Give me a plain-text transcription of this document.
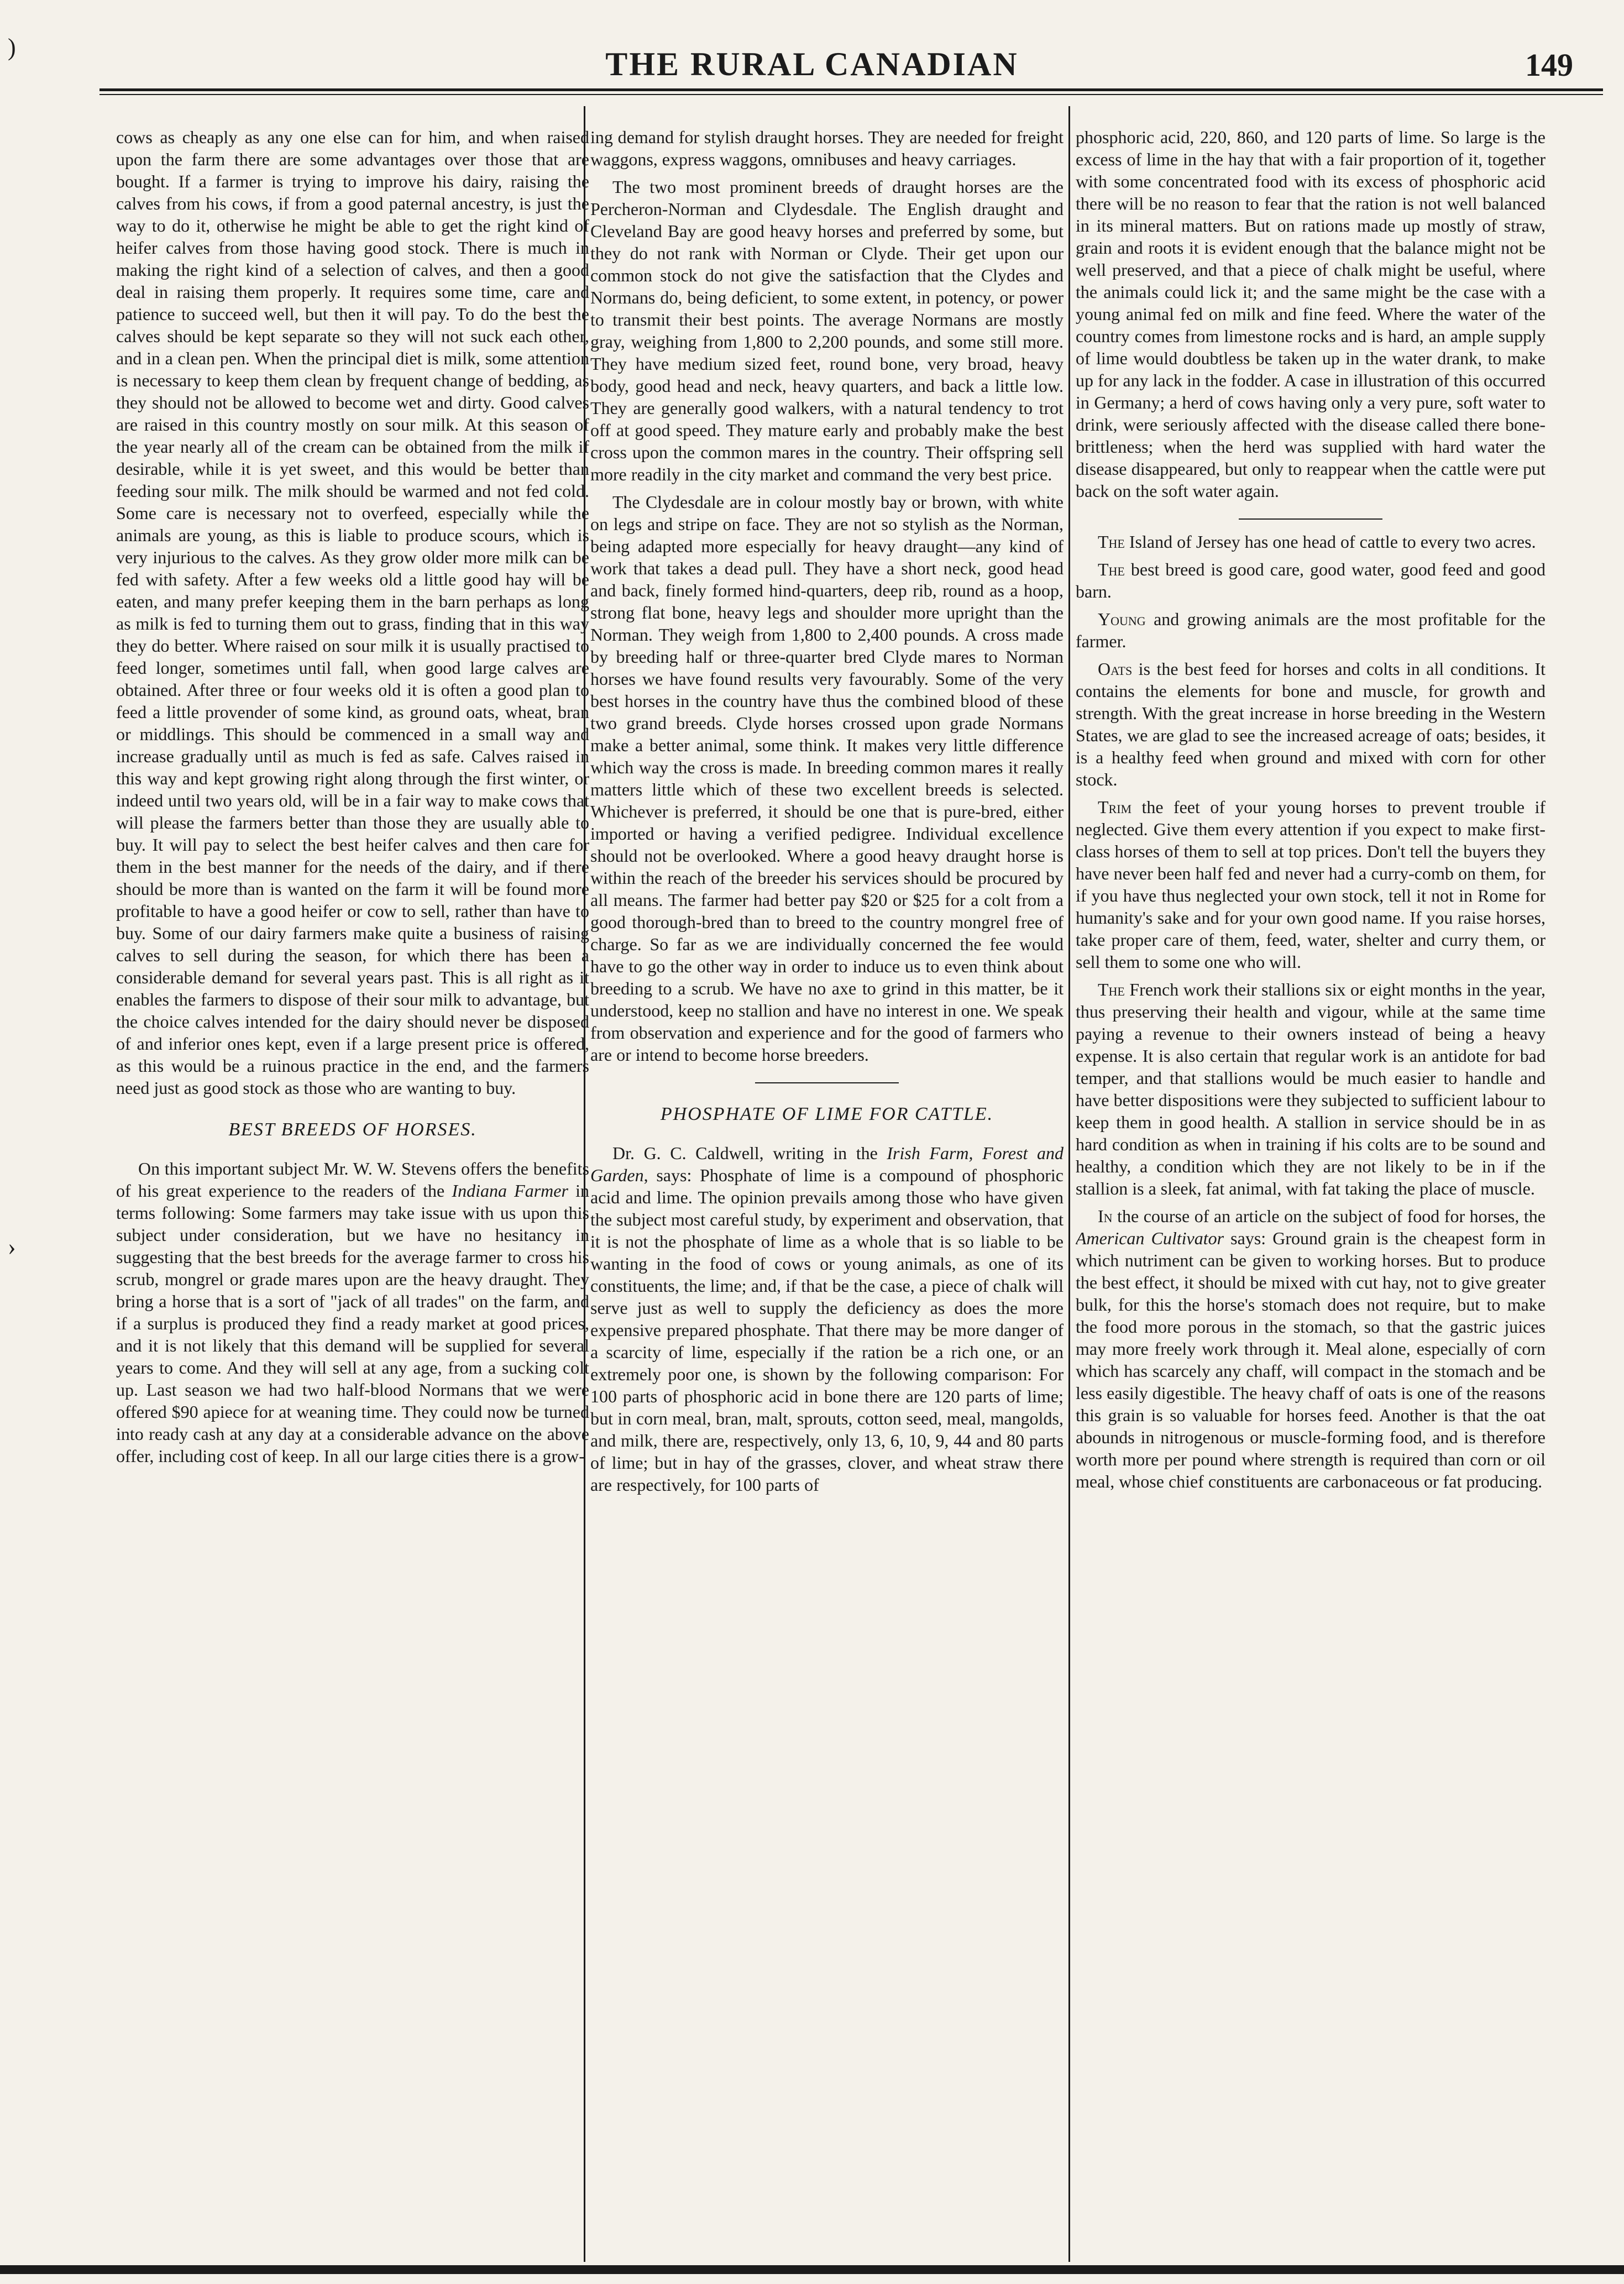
THE RURAL CANADIAN	149
)
›

cows as cheaply as any one else can for him, and when raised upon the farm there are some advantages over those that are bought. If a farmer is trying to improve his dairy, raising the calves from his cows, if from a good paternal ancestry, is just the way to do it, otherwise he might be able to get the right kind of heifer calves from those having good stock. There is much in making the right kind of a selection of calves, and then a good deal in raising them properly. It requires some time, care and patience to succeed well, but then it will pay. To do the best the calves should be kept separate so they will not suck each other, and in a clean pen. When the principal diet is milk, some attention is necessary to keep them clean by frequent change of bedding, as they should not be allowed to become wet and dirty. Good calves are raised in this country mostly on sour milk. At this season of the year nearly all of the cream can be obtained from the milk if desirable, while it is yet sweet, and this would be better than feeding sour milk. The milk should be warmed and not fed cold. Some care is necessary not to overfeed, especially while the animals are young, as this is liable to produce scours, which is very injurious to the calves. As they grow older more milk can be fed with safety. After a few weeks old a little good hay will be eaten, and many prefer keeping them in the barn perhaps as long as milk is fed to turning them out to grass, finding that in this way they do better. Where raised on sour milk it is usually practised to feed longer, sometimes until fall, when good large calves are obtained. After three or four weeks old it is often a good plan to feed a little provender of some kind, as ground oats, wheat, bran or middlings. This should be commenced in a small way and increase gradually until as much is fed as safe. Calves raised in this way and kept growing right along through the first winter, or indeed until two years old, will be in a fair way to make cows that will please the farmers better than those they are usually able to buy. It will pay to select the best heifer calves and then care for them in the best manner for the needs of the dairy, and if there should be more than is wanted on the farm it will be found more profitable to have a good heifer or cow to sell, rather than have to buy. Some of our dairy farmers make quite a business of raising calves to sell during the season, for which there has been a considerable demand for several years past. This is all right as it enables the farmers to dispose of their sour milk to advantage, but the choice calves intended for the dairy should never be disposed of and inferior ones kept, even if a large present price is offered, as this would be a ruinous practice in the end, and the farmers need just as good stock as those who are wanting to buy.

BEST BREEDS OF HORSES.

On this important subject Mr. W. W. Stevens offers the benefits of his great experience to the readers of the Indiana Farmer in terms following: Some farmers may take issue with us upon this subject under consideration, but we have no hesitancy in suggesting that the best breeds for the average farmer to cross his scrub, mongrel or grade mares upon are the heavy draught. They bring a horse that is a sort of "jack of all trades" on the farm, and if a surplus is produced they find a ready market at good prices, and it is not likely that this demand will be supplied for several years to come. And they will sell at any age, from a sucking colt up. Last season we had two half-blood Normans that we were offered $90 apiece for at weaning time. They could now be turned into ready cash at any day at a considerable advance on the above offer, including cost of keep. In all our large cities there is a grow-

ing demand for stylish draught horses. They are needed for freight waggons, express waggons, omnibuses and heavy carriages.

The two most prominent breeds of draught horses are the Percheron-Norman and Clydesdale. The English draught and Cleveland Bay are good heavy horses and preferred by some, but they do not rank with Norman or Clyde. Their get upon our common stock do not give the satisfaction that the Clydes and Normans do, being deficient, to some extent, in potency, or power to transmit their best points. The average Normans are mostly gray, weighing from 1,800 to 2,200 pounds, and some still more. They have medium sized feet, round bone, very broad, heavy body, good head and neck, heavy quarters, and back a little low. They are generally good walkers, with a natural tendency to trot off at good speed. They mature early and probably make the best cross upon the common mares in the country. Their offspring sell more readily in the city market and command the very best price.

The Clydesdale are in colour mostly bay or brown, with white on legs and stripe on face. They are not so stylish as the Norman, being adapted more especially for heavy draught—any kind of work that takes a dead pull. They have a short neck, good head and back, finely formed hind-quarters, deep rib, round as a hoop, strong flat bone, heavy legs and shoulder more upright than the Norman. They weigh from 1,800 to 2,400 pounds. A cross made by breeding half or three-quarter bred Clyde mares to Norman horses we have found results very favourably. Some of the very best horses in the country have thus the combined blood of these two grand breeds. Clyde horses crossed upon grade Normans make a better animal, some think. It makes very little difference which way the cross is made. In breeding common mares it really matters little which of these two excellent breeds is selected. Whichever is preferred, it should be one that is pure-bred, either imported or having a verified pedigree. Individual excellence should not be overlooked. Where a good heavy draught horse is within the reach of the breeder his services should be procured by all means. The farmer had better pay $20 or $25 for a colt from a good thorough-bred than to breed to the country mongrel free of charge. So far as we are individually concerned the fee would have to go the other way in order to induce us to even think about breeding to a scrub. We have no axe to grind in this matter, be it understood, keep no stallion and have no interest in one. We speak from observation and experience and for the good of farmers who are or intend to become horse breeders.

PHOSPHATE OF LIME FOR CATTLE.

Dr. G. C. Caldwell, writing in the Irish Farm, Forest and Garden, says: Phosphate of lime is a compound of phosphoric acid and lime. The opinion prevails among those who have given the subject most careful study, by experiment and observation, that it is not the phosphate of lime as a whole that is so liable to be wanting in the food of cows or young animals, as one of its constituents, the lime; and, if that be the case, a piece of chalk will serve just as well to supply the deficiency as does the more expensive prepared phosphate. That there may be more danger of a scarcity of lime, especially if the ration be a rich one, or an extremely poor one, is shown by the following comparison: For 100 parts of phosphoric acid in bone there are 120 parts of lime; but in corn meal, bran, malt, sprouts, cotton seed, meal, mangolds, and milk, there are, respectively, only 13, 6, 10, 9, 44 and 80 parts of lime; but in hay of the grasses, clover, and wheat straw there are respectively, for 100 parts of

phosphoric acid, 220, 860, and 120 parts of lime. So large is the excess of lime in the hay that with a fair proportion of it, together with some concentrated food with its excess of phosphoric acid there will be no reason to fear that the ration is not well balanced in its mineral matters. But on rations made up mostly of straw, grain and roots it is evident enough that the balance might not be well preserved, and that a piece of chalk might be useful, where the animals could lick it; and the same might be the case with a young animal fed on milk and fine feed. Where the water of the country comes from limestone rocks and is hard, an ample supply of lime would doubtless be taken up in the water drank, to make up for any lack in the fodder. A case in illustration of this occurred in Germany; a herd of cows having only a very pure, soft water to drink, were seriously affected with the disease called there bone-brittleness; when the herd was supplied with hard water the disease disappeared, but only to reappear when the cattle were put back on the soft water again.

The Island of Jersey has one head of cattle to every two acres.

The best breed is good care, good water, good feed and good barn.

Young and growing animals are the most profitable for the farmer.

Oats is the best feed for horses and colts in all conditions. It contains the elements for bone and muscle, for growth and strength. With the great increase in horse breeding in the Western States, we are glad to see the increased acreage of oats; besides, it is a healthy feed when ground and mixed with corn for other stock.

Trim the feet of your young horses to prevent trouble if neglected. Give them every attention if you expect to make first-class horses of them to sell at top prices. Don't tell the buyers they have never been half fed and never had a curry-comb on them, for if you have thus neglected your own stock, tell it not in Rome for humanity's sake and for your own good name. If you raise horses, take proper care of them, feed, water, shelter and curry them, or sell them to some one who will.

The French work their stallions six or eight months in the year, thus preserving their health and vigour, while at the same time paying a revenue to their owners instead of being a heavy expense. It is also certain that regular work is an antidote for bad temper, and that stallions would be much easier to handle and have better dispositions were they subjected to sufficient labour to keep them in good health. A stallion in service should be in as hard condition as when in training if his colts are to be sound and healthy, a condition which they are not likely to be in if the stallion is a sleek, fat animal, with fat taking the place of muscle.

In the course of an article on the subject of food for horses, the American Cultivator says: Ground grain is the cheapest form in which nutriment can be given to working horses. But to produce the best effect, it should be mixed with cut hay, not to give greater bulk, for this the horse's stomach does not require, but to make the food more porous in the stomach, so that the gastric juices may more freely work through it. Meal alone, especially of corn which has scarcely any chaff, will compact in the stomach and be less easily digestible. The heavy chaff of oats is one of the reasons this grain is so valuable for horses feed. Another is that the oat abounds in nitrogenous or muscle-forming food, and is therefore worth more per pound where strength is required than corn or oil meal, whose chief constituents are carbonaceous or fat producing.
